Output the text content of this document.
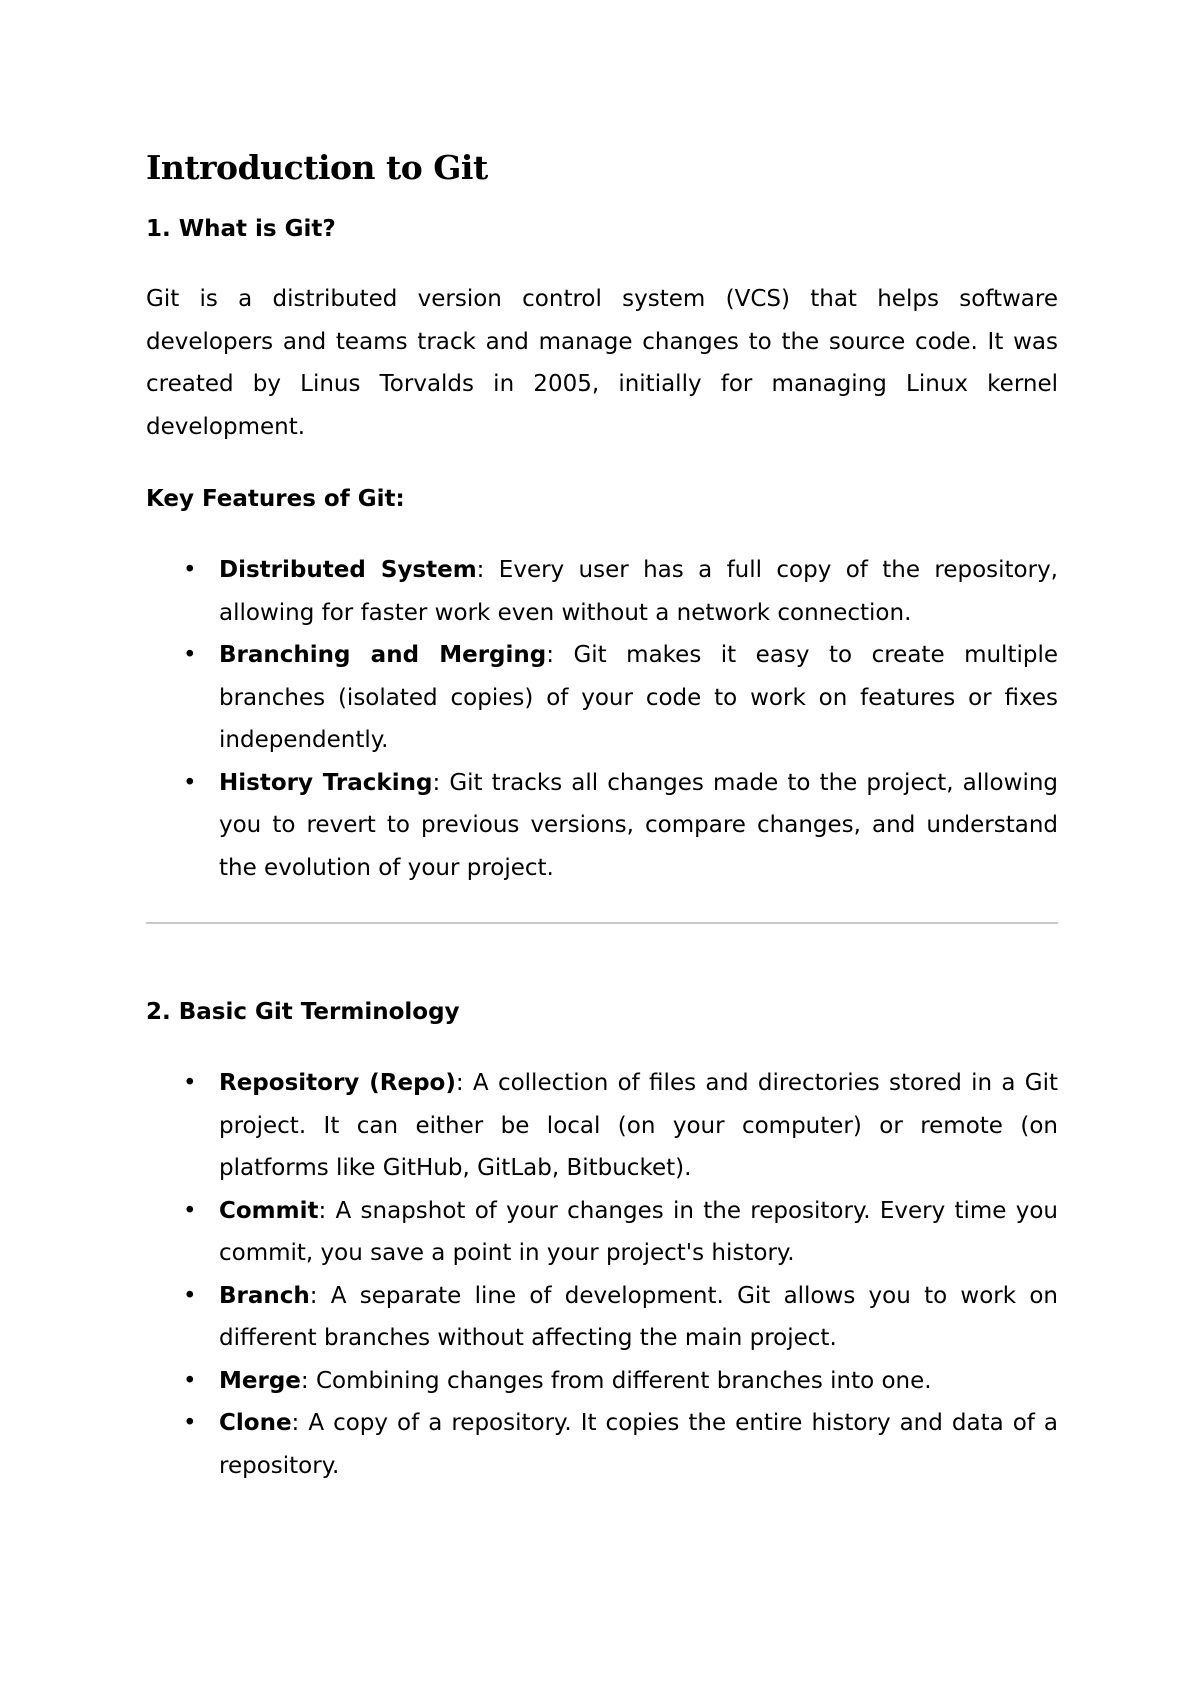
Introduction to Git
1. What is Git?

Git is a distributed version control system (VCS) that helps software developers and teams track and manage changes to the source code. It was created by Linus Torvalds in 2005, initially for managing Linux kernel development.

Key Features of Git:
• Distributed System: Every user has a full copy of the repository, allowing for faster work even without a network connection.
• Branching and Merging: Git makes it easy to create multiple branches (isolated copies) of your code to work on features or fixes independently.
• History Tracking: Git tracks all changes made to the project, allowing you to revert to previous versions, compare changes, and understand the evolution of your project.
2. Basic Git Terminology
• Repository (Repo): A collection of files and directories stored in a Git project. It can either be local (on your computer) or remote (on platforms like GitHub, GitLab, Bitbucket).
• Commit: A snapshot of your changes in the repository. Every time you commit, you save a point in your project's history.
• Branch: A separate line of development. Git allows you to work on different branches without affecting the main project.
• Merge: Combining changes from different branches into one.
• Clone: A copy of a repository. It copies the entire history and data of a repository.
